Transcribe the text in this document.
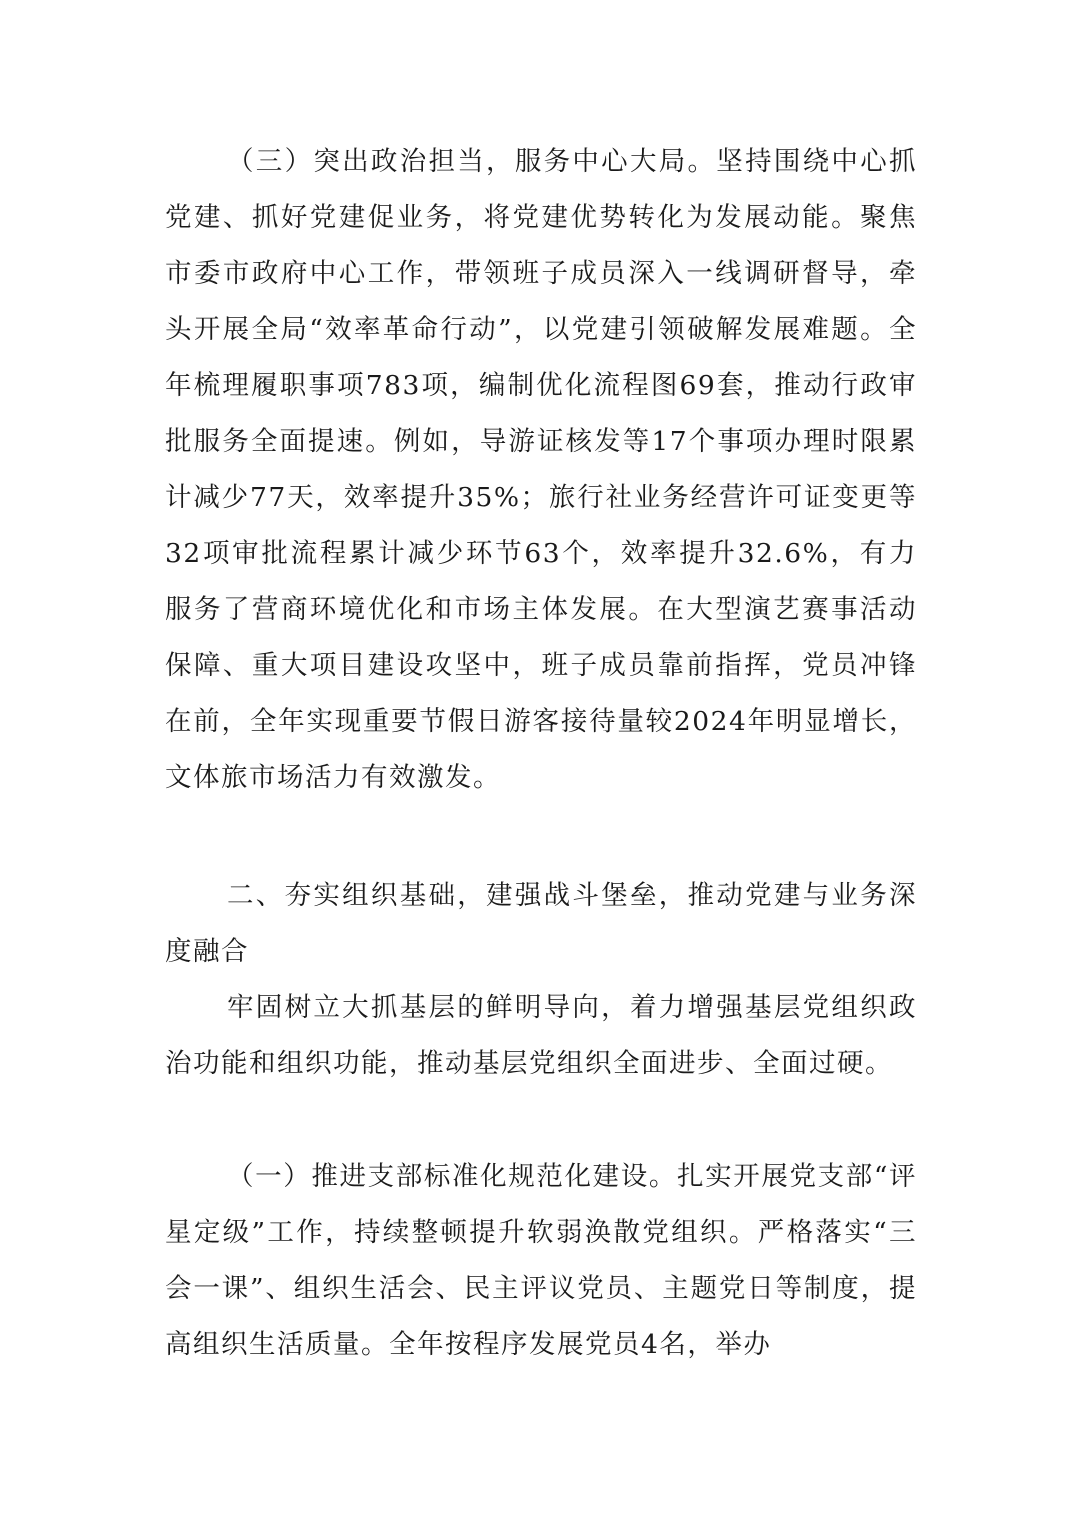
（三）突出政治担当，服务中心大局。坚持围绕中心抓党建、抓好党建促业务，将党建优势转化为发展动能。聚焦市委市政府中心工作，带领班子成员深入一线调研督导，牵头开展全局“效率革命行动”，以党建引领破解发展难题。全年梳理履职事项783项，编制优化流程图69套，推动行政审批服务全面提速。例如，导游证核发等17个事项办理时限累计减少77天，效率提升35%；旅行社业务经营许可证变更等32项审批流程累计减少环节63个，效率提升32.6%，有力服务了营商环境优化和市场主体发展。在大型演艺赛事活动保障、重大项目建设攻坚中，班子成员靠前指挥，党员冲锋在前，全年实现重要节假日游客接待量较2024年明显增长，文体旅市场活力有效激发。

二、夯实组织基础，建强战斗堡垒，推动党建与业务深度融合

牢固树立大抓基层的鲜明导向，着力增强基层党组织政治功能和组织功能，推动基层党组织全面进步、全面过硬。

（一）推进支部标准化规范化建设。扎实开展党支部“评星定级”工作，持续整顿提升软弱涣散党组织。严格落实“三会一课”、组织生活会、民主评议党员、主题党日等制度，提高组织生活质量。全年按程序发展党员4名，举办
